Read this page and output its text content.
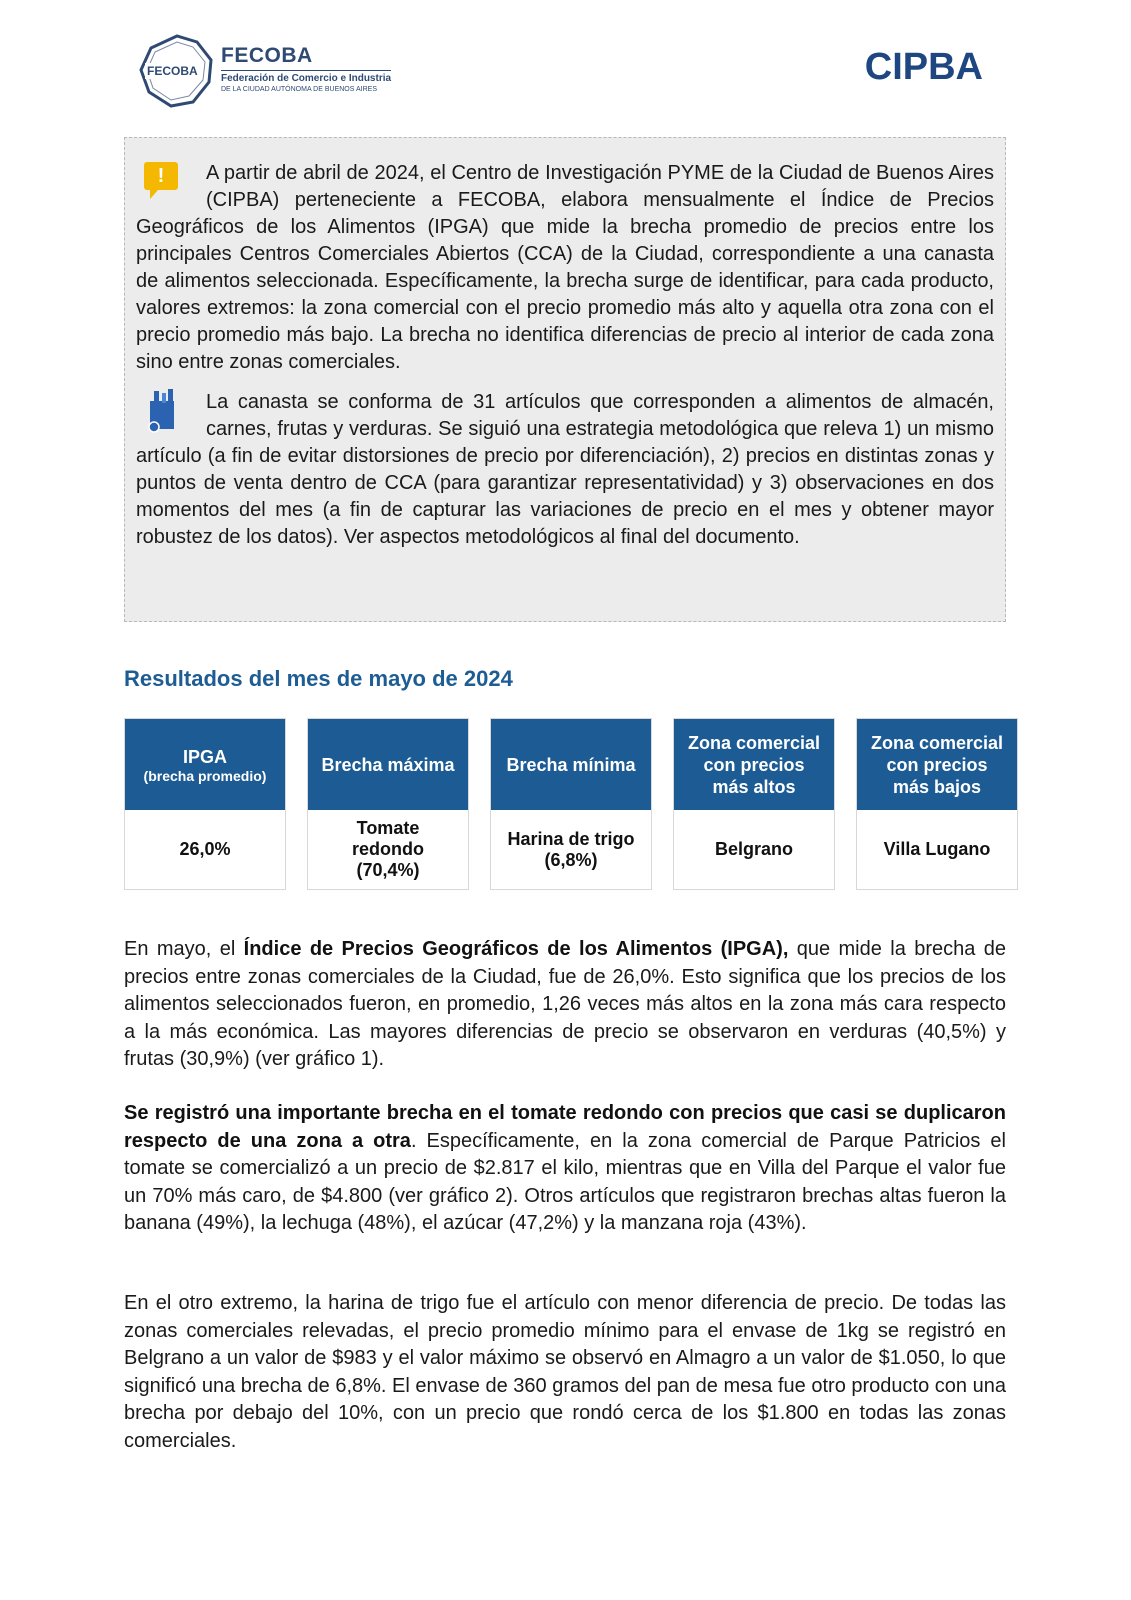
FECOBA
FECOBA
Federación de Comercio e Industria
DE LA CIUDAD AUTÓNOMA DE BUENOS AIRES
CIPBA

!	A partir de abril de 2024, el Centro de Investigación PYME de la Ciudad de Buenos Aires (CIPBA) perteneciente a FECOBA, elabora mensualmente el Índice de Precios Geográficos de los Alimentos (IPGA) que mide la brecha promedio de precios entre los principales Centros Comerciales Abiertos (CCA) de la Ciudad, correspondiente a una canasta de alimentos seleccionada. Específicamente, la brecha surge de identificar, para cada producto, valores extremos: la zona comercial con el precio promedio más alto y aquella otra zona con el precio promedio más bajo. La brecha no identifica diferencias de precio al interior de cada zona sino entre zonas comerciales.

La canasta se conforma de 31 artículos que corresponden a alimentos de almacén, carnes, frutas y verduras. Se siguió una estrategia metodológica que releva 1) un mismo artículo (a fin de evitar distorsiones de precio por diferenciación), 2) precios en distintas zonas y puntos de venta dentro de CCA (para garantizar representatividad) y 3) observaciones en dos momentos del mes (a fin de capturar las variaciones de precio en el mes y obtener mayor robustez de los datos). Ver aspectos metodológicos al final del documento.

Resultados del mes de mayo de 2024
IPGA
(brecha promedio)
26,0%
Brecha máxima
Tomate redondo (70,4%)
Brecha mínima
Harina de trigo (6,8%)
Zona comercial con precios más altos
Belgrano
Zona comercial con precios más bajos
Villa Lugano

En mayo, el Índice de Precios Geográficos de los Alimentos (IPGA), que mide la brecha de precios entre zonas comerciales de la Ciudad, fue de 26,0%. Esto significa que los precios de los alimentos seleccionados fueron, en promedio, 1,26 veces más altos en la zona más cara respecto a la más económica. Las mayores diferencias de precio se observaron en verduras (40,5%) y frutas (30,9%) (ver gráfico 1).

Se registró una importante brecha en el tomate redondo con precios que casi se duplicaron respecto de una zona a otra. Específicamente, en la zona comercial de Parque Patricios el tomate se comercializó a un precio de $2.817 el kilo, mientras que en Villa del Parque el valor fue un 70% más caro, de $4.800 (ver gráfico 2). Otros artículos que registraron brechas altas fueron la banana (49%), la lechuga (48%), el azúcar (47,2%) y la manzana roja (43%).

En el otro extremo, la harina de trigo fue el artículo con menor diferencia de precio. De todas las zonas comerciales relevadas, el precio promedio mínimo para el envase de 1kg se registró en Belgrano a un valor de $983 y el valor máximo se observó en Almagro a un valor de $1.050, lo que significó una brecha de 6,8%. El envase de 360 gramos del pan de mesa fue otro producto con una brecha por debajo del 10%, con un precio que rondó cerca de los $1.800 en todas las zonas comerciales.
